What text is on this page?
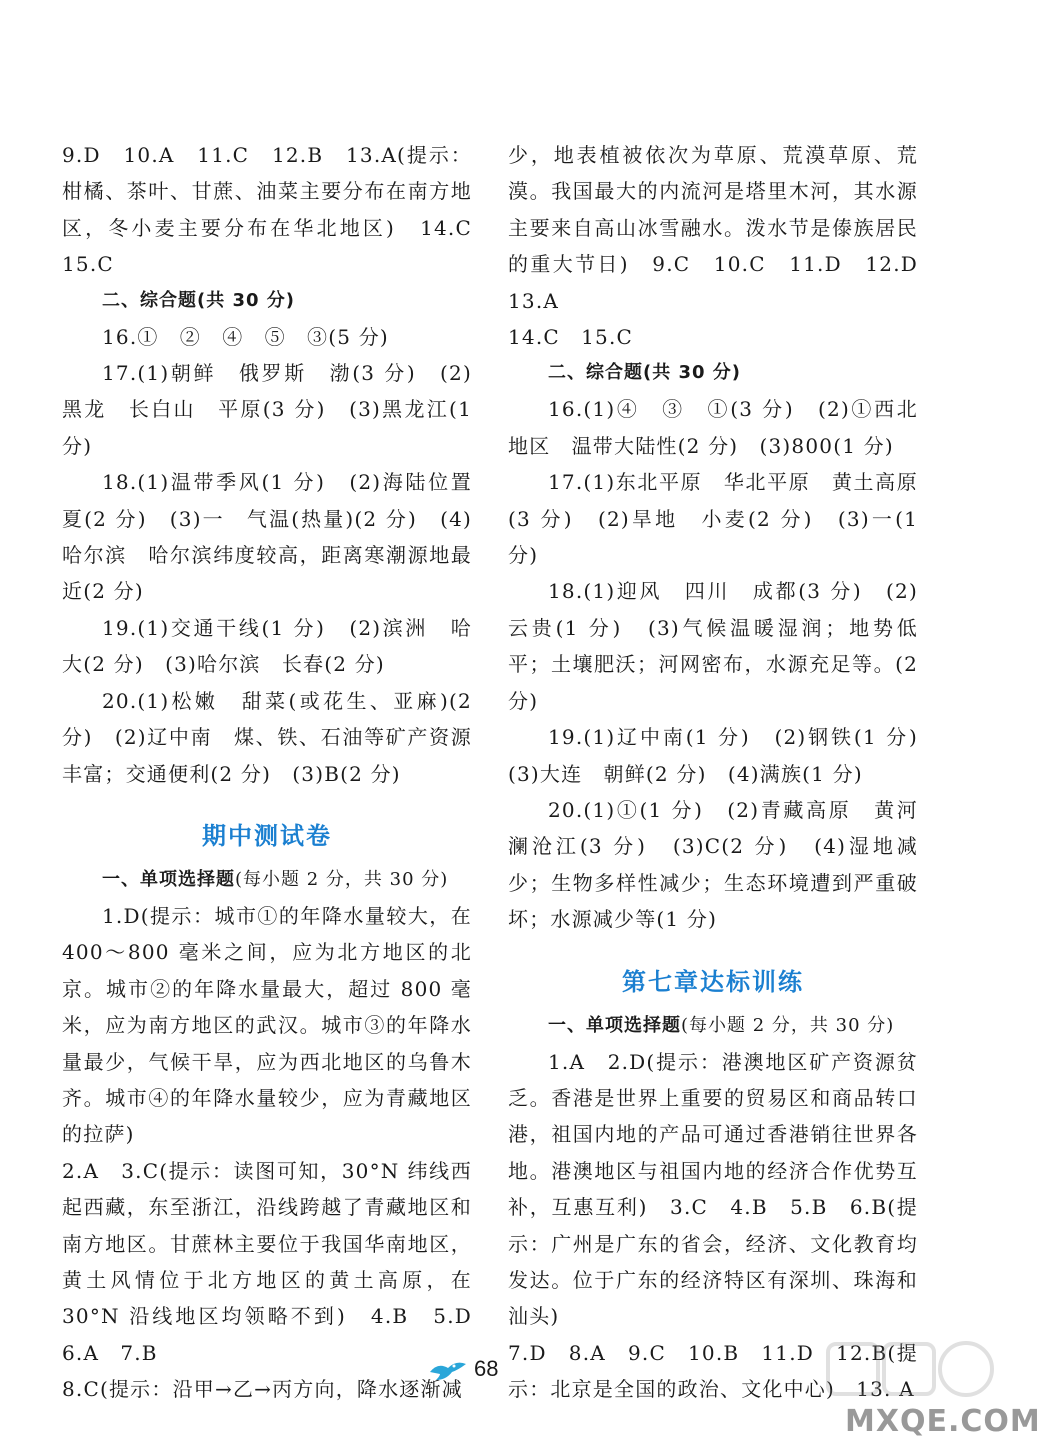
9.D　10.A　11.C　12.B　13.A(提示：柑橘、茶叶、甘蔗、油菜主要分布在南方地区，冬小麦主要分布在华北地区)　14.C　15.C

二、综合题(共 30 分)

16.①　②　④　⑤　③(5 分)

17.(1)朝鲜　俄罗斯　渤(3 分)　(2)黑龙　长白山　平原(3 分)　(3)黑龙江(1 分)

18.(1)温带季风(1 分)　(2)海陆位置　夏(2 分)　(3)一　气温(热量)(2 分)　(4)哈尔滨　哈尔滨纬度较高，距离寒潮源地最近(2 分)

19.(1)交通干线(1 分)　(2)滨洲　哈大(2 分)　(3)哈尔滨　长春(2 分)

20.(1)松嫩　甜菜(或花生、亚麻)(2 分)　(2)辽中南　煤、铁、石油等矿产资源丰富；交通便利(2 分)　(3)B(2 分)

期中测试卷

一、单项选择题(每小题 2 分，共 30 分)

1.D(提示：城市①的年降水量较大，在400～800 毫米之间，应为北方地区的北京。城市②的年降水量最大，超过 800 毫米，应为南方地区的武汉。城市③的年降水量最少，气候干旱，应为西北地区的乌鲁木齐。城市④的年降水量较少，应为青藏地区的拉萨)

2.A　3.C(提示：读图可知，30°N 纬线西起西藏，东至浙江，沿线跨越了青藏地区和南方地区。甘蔗林主要位于我国华南地区，黄土风情位于北方地区的黄土高原，在 30°N 沿线地区均领略不到)　4.B　5.D　6.A　7.B

8.C(提示：沿甲→乙→丙方向，降水逐渐减

少，地表植被依次为草原、荒漠草原、荒漠。我国最大的内流河是塔里木河，其水源主要来自高山冰雪融水。泼水节是傣族居民的重大节日)　9.C　10.C　11.D　12.D　13.A

14.C　15.C

二、综合题(共 30 分)

16.(1)④　③　①(3 分)　(2)①西北地区　温带大陆性(2 分)　(3)800(1 分)

17.(1)东北平原　华北平原　黄土高原(3 分)　(2)旱地　小麦(2 分)　(3)一(1 分)

18.(1)迎风　四川　成都(3 分)　(2)云贵(1 分)　(3)气候温暖湿润；地势低平；土壤肥沃；河网密布，水源充足等。(2 分)

19.(1)辽中南(1 分)　(2)钢铁(1 分)　(3)大连　朝鲜(2 分)　(4)满族(1 分)

20.(1)①(1 分)　(2)青藏高原　黄河　澜沧江(3 分)　(3)C(2 分)　(4)湿地减少；生物多样性减少；生态环境遭到严重破坏；水源减少等(1 分)

第七章达标训练

一、单项选择题(每小题 2 分，共 30 分)

1.A　2.D(提示：港澳地区矿产资源贫乏。香港是世界上重要的贸易区和商品转口港，祖国内地的产品可通过香港销往世界各地。港澳地区与祖国内地的经济合作优势互补，互惠互利)　3.C　4.B　5.B　6.B(提示：广州是广东的省会，经济、文化教育均发达。位于广东的经济特区有深圳、珠海和汕头)

7.D　8.A　9.C　10.B　11.D　12.B(提示：北京是全国的政治、文化中心)　13. A

68
MXQE.COM
